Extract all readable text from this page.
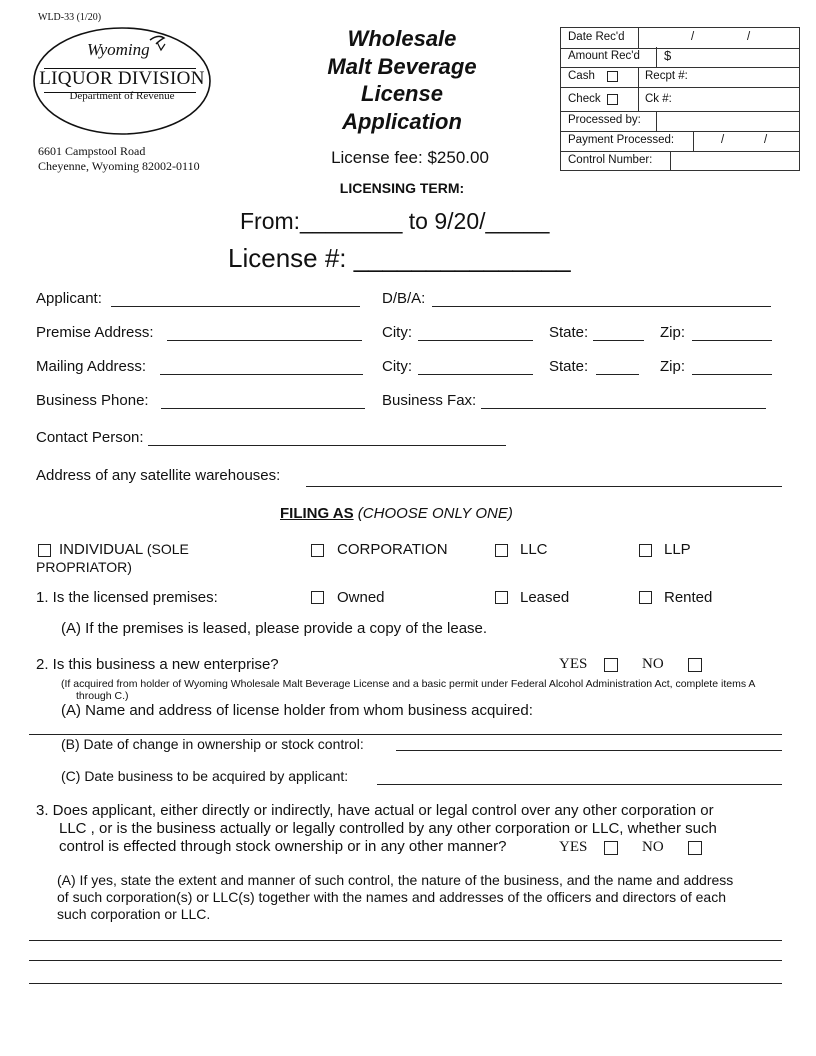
WLD-33 (1/20)
Wyoming
LIQUOR DIVISION
Department of Revenue
6601 Campstool Road
Cheyenne, Wyoming 82002-0110
Wholesale
Malt Beverage
License
Application
License fee: $250.00
LICENSING TERM:
From:________ to 9/20/_____
License #: _______________
Date Rec'd	/	/
Amount Rec'd $
Cash	Recpt #:
Check	Ck #:
Processed by:
Payment Processed:	/	/
Control Number:
Applicant:	D/B/A:
Premise Address:	City:	State:	Zip:
Mailing Address:	City:	State:	Zip:
Business Phone:	Business Fax:
Contact Person:
Address of any satellite warehouses:
FILING AS (CHOOSE ONLY ONE)
INDIVIDUAL (SOLE
PROPRIATOR)
CORPORATION	LLC	LLP
1. Is the licensed premises:	Owned	Leased	Rented
(A) If the premises is leased, please provide a copy of the lease.
2. Is this business a new enterprise?	YES	NO
(If acquired from holder of Wyoming Wholesale Malt Beverage License and a basic permit under Federal Alcohol Administration Act, complete items A
through C.)
(A) Name and address of license holder from whom business acquired:
(B) Date of change in ownership or stock control:
(C) Date business to be acquired by applicant:
3. Does applicant, either directly or indirectly, have actual or legal control over any other corporation or
LLC , or is the business actually or legally controlled by any other corporation or LLC, whether such
control is effected through stock ownership or in any other manner?	YES	NO
(A) If yes, state the extent and manner of such control, the nature of the business, and the name and address
of such corporation(s) or LLC(s) together with the names and addresses of the officers and directors of each
such corporation or LLC.
